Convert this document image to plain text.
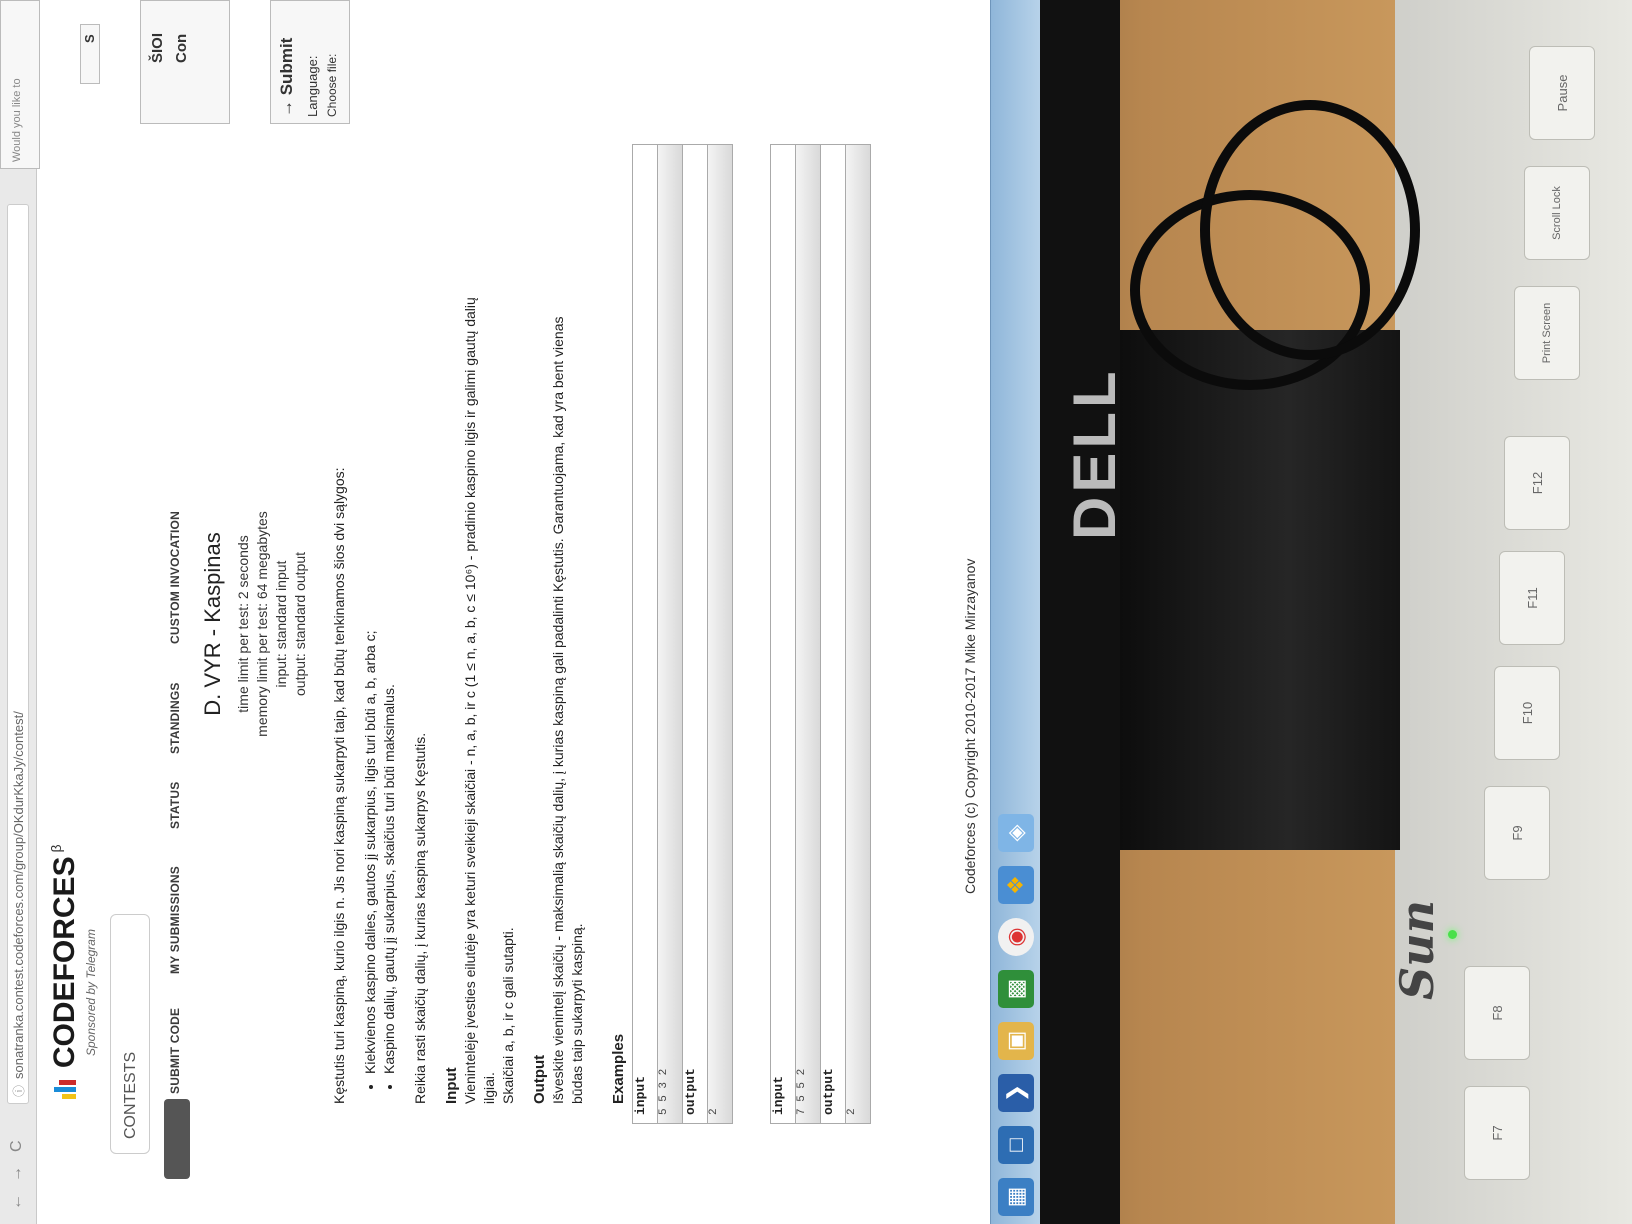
F7
F8
F9
F10
F11
F12
Print Screen
Scroll Lock
Pause
Sun
DELL
←
→
C
ⓘ
sonatranka.contest.codeforces.com/group/OKdurKkaJy/contest/ CODEFORCES β
Sponsored by Telegram
CONTESTS
SUBMIT CODE
MY SUBMISSIONS
STATUS
STANDINGS
CUSTOM INVOCATION
Would you like to
S	ŠIOI Con	→ Submit Language: Choose file:
D. VYR - Kaspinas time limit per test: 2 seconds memory limit per test: 64 megabytes input: standard input output: standard output Kęstutis turi kaspiną, kurio ilgis n. Jis nori kaspiną sukarpyti taip, kad būtų tenkinamos šios dvi sąlygos: • Kiekvienos kaspino dalies, gautos jį sukarpius, ilgis turi būti a, b, arba c; • Kaspino dalių, gautų jį sukarpius, skaičius turi būti maksimalus. Reikia rasti skaičių dalių, į kurias kaspiną sukarpys Kęstutis. Input Vienintelėje įvesties eilutėje yra keturi sveikieji skaičiai - n, a, b, ir c (1 ≤ n, a, b, c ≤ 10⁶) - pradinio kaspino ilgis ir galimi gautų dalių ilgiai. Skaičiai a, b, ir c gali sutapti. Output Išveskite vienintelį skaičių - maksimalią skaičių dalių, į kurias kaspiną gali padalinti Kęstutis. Garantuojama, kad yra bent vienas būdas taip sukarpyti kaspiną. Examples input 5 5 3 2	output 2	input 7 5 5 2	output 2
Codeforces (c) Copyright 2010-2017 Mike Mirzayanov
▦
□
❯
▣
▩
◉
❖
◈
